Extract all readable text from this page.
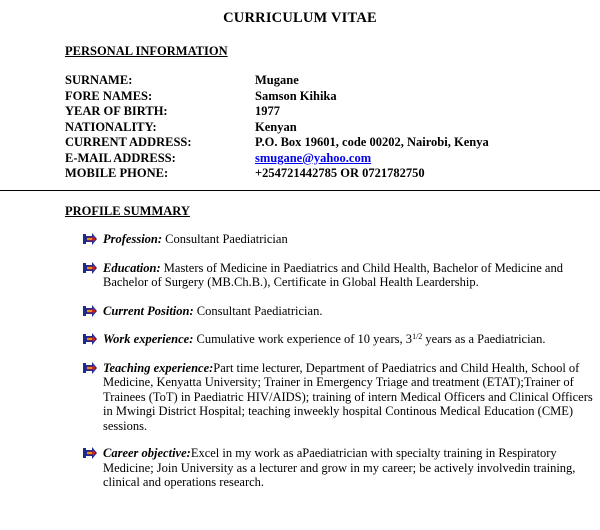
CURRICULUM VITAE
PERSONAL INFORMATION
SURNAME:	Mugane
FORE NAMES:	Samson Kihika
YEAR OF BIRTH:	1977
NATIONALITY:	Kenyan
CURRENT ADDRESS:	P.O. Box 19601, code 00202, Nairobi, Kenya
E-MAIL ADDRESS:	smugane@yahoo.com
MOBILE PHONE:	+254721442785 OR 0721782750
PROFILE SUMMARY
Profession: Consultant Paediatrician
Education: Masters of Medicine in Paediatrics and Child Health, Bachelor of Medicine and Bachelor of Surgery (MB.Ch.B.), Certificate in Global Health Leardership.
Current Position: Consultant Paediatrician.
Work experience: Cumulative work experience of 10 years, $3^{1/2}$ years as a Paediatrician.
Teaching experience:Part time lecturer, Department of Paediatrics and Child Health, School of Medicine, Kenyatta University; Trainer in Emergency Triage and treatment (ETAT);Trainer of Trainees (ToT) in Paediatric HIV/AIDS); training of intern Medical Officers and Clinical Officers in Mwingi District Hospital; teaching inweekly hospital Continous Medical Education (CME) sessions.
Career objective:Excel in my work as aPaediatrician with specialty training in Respiratory Medicine; Join University as a lecturer and grow in my career; be actively involvedin training, clinical and operations research.
